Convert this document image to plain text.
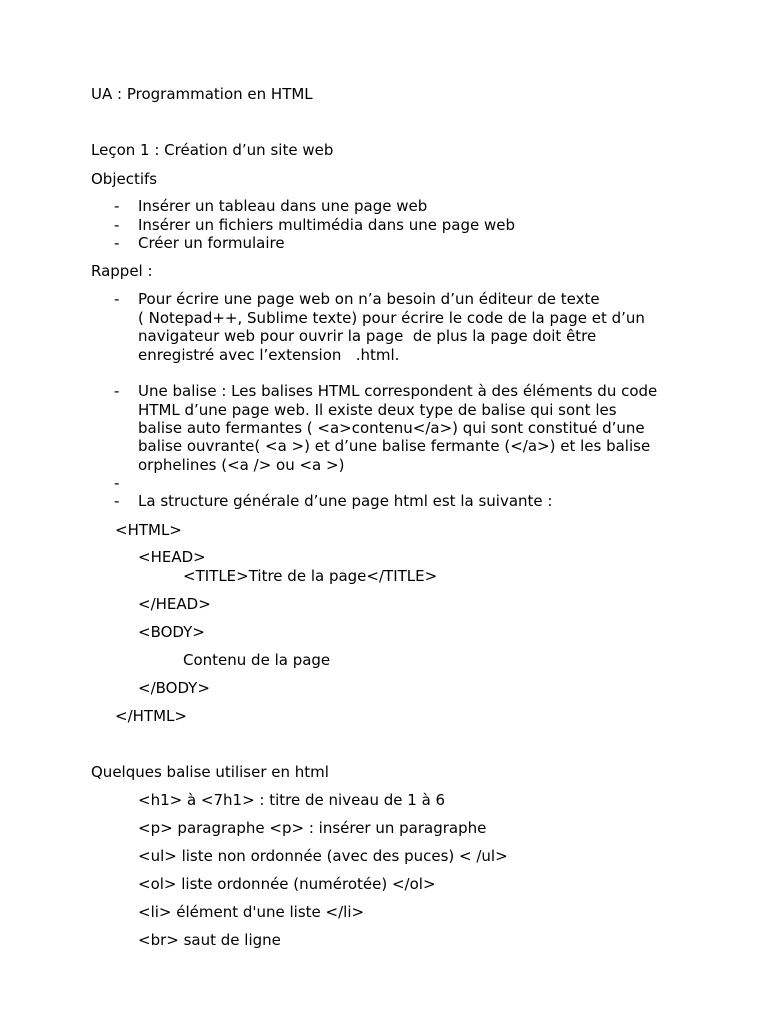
UA : Programmation en HTML
Leçon 1 : Création d’un site web
Objectifs
- Insérer un tableau dans une page web
- Insérer un fichiers multimédia dans une page web
- Créer un formulaire
Rappel :
- Pour écrire une page web on n’a besoin d’un éditeur de texte
( Notepad++, Sublime texte) pour écrire le code de la page et d’un
navigateur web pour ouvrir la page  de plus la page doit être
enregistré avec l’extension   .html.
- Une balise : Les balises HTML correspondent à des éléments du code
HTML d’une page web. Il existe deux type de balise qui sont les
balise auto fermantes ( <a>contenu</a>) qui sont constitué d’une
balise ouvrante( <a >) et d’une balise fermante (</a>) et les balise
orphelines (<a /> ou <a >)
-
- La structure générale d’une page html est la suivante :
<HTML>
<HEAD>
<TITLE>Titre de la page</TITLE>
</HEAD>
<BODY>
Contenu de la page
</BODY>
</HTML>
Quelques balise utiliser en html
<h1> à <7h1> : titre de niveau de 1 à 6
<p> paragraphe <p> : insérer un paragraphe
<ul> liste non ordonnée (avec des puces) < /ul>
<ol> liste ordonnée (numérotée) </ol>
<li> élément d'une liste </li>
<br> saut de ligne
